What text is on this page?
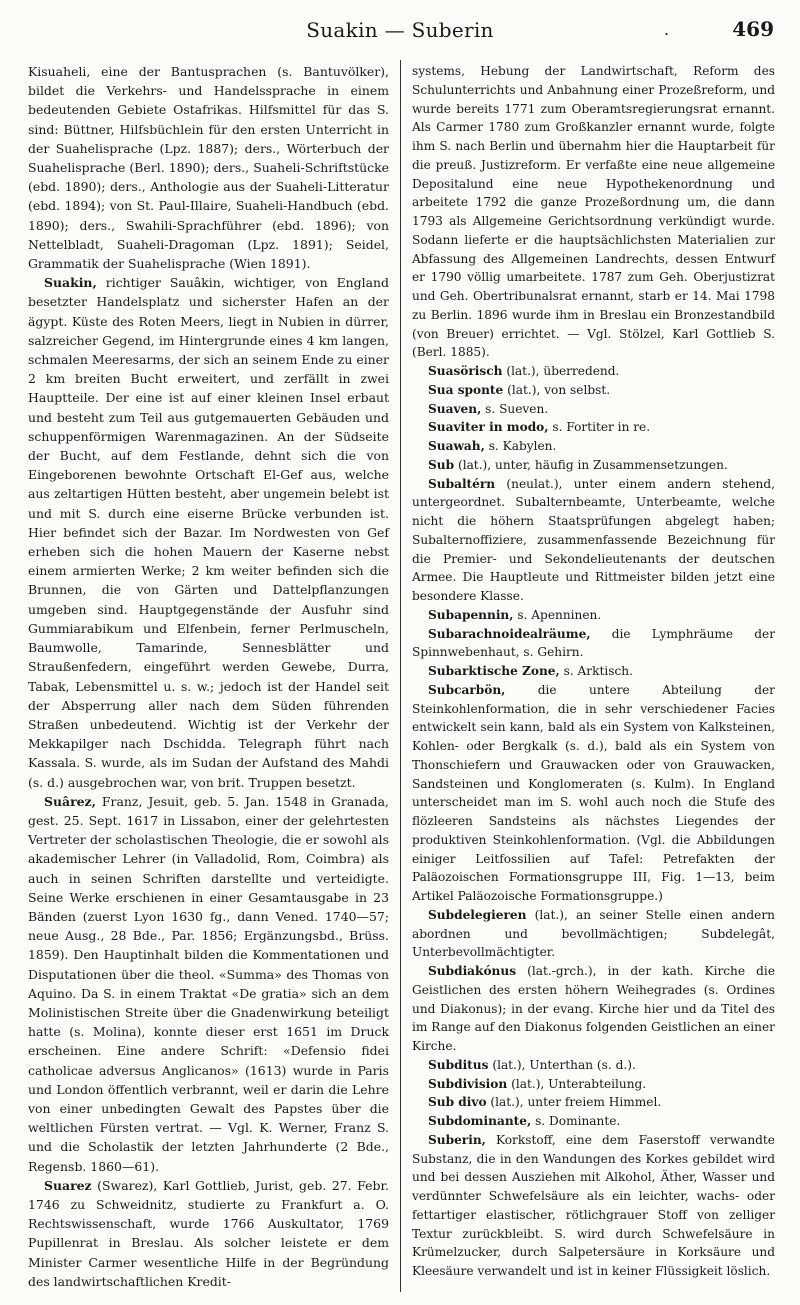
Suakin — Suberin	.	469

Kisuaheli, eine der Bantusprachen (s. Bantuvölker), bildet die Verkehrs- und Handelssprache in einem bedeutenden Gebiete Ostafrikas. Hilfsmittel für das S. sind: Büttner, Hilfsbüchlein für den ersten Unterricht in der Suahelisprache (Lpz. 1887); ders., Wörterbuch der Suahelisprache (Berl. 1890); ders., Suaheli-Schriftstücke (ebd. 1890); ders., Anthologie aus der Suaheli-Litteratur (ebd. 1894); von St. Paul-Illaire, Suaheli-Handbuch (ebd. 1890); ders., Swahili-Sprachführer (ebd. 1896); von Nettelbladt, Suaheli-Dragoman (Lpz. 1891); Seidel, Grammatik der Suahelisprache (Wien 1891).

Suakin, richtiger Sauâkin, wichtiger, von England besetzter Handelsplatz und sicherster Hafen an der ägypt. Küste des Roten Meers, liegt in Nubien in dürrer, salzreicher Gegend, im Hintergrunde eines 4 km langen, schmalen Meeresarms, der sich an seinem Ende zu einer 2 km breiten Bucht erweitert, und zerfällt in zwei Hauptteile. Der eine ist auf einer kleinen Insel erbaut und besteht zum Teil aus gutgemauerten Gebäuden und schuppenförmigen Warenmagazinen. An der Südseite der Bucht, auf dem Festlande, dehnt sich die von Eingeborenen bewohnte Ortschaft El-Gef aus, welche aus zeltartigen Hütten besteht, aber ungemein belebt ist und mit S. durch eine eiserne Brücke verbunden ist. Hier befindet sich der Bazar. Im Nordwesten von Gef erheben sich die hohen Mauern der Kaserne nebst einem armierten Werke; 2 km weiter befinden sich die Brunnen, die von Gärten und Dattelpflanzungen umgeben sind. Hauptgegenstände der Ausfuhr sind Gummiarabikum und Elfenbein, ferner Perlmuscheln, Baumwolle, Tamarinde, Sennesblätter und Straußenfedern, eingeführt werden Gewebe, Durra, Tabak, Lebensmittel u. s. w.; jedoch ist der Handel seit der Absperrung aller nach dem Süden führenden Straßen unbedeutend. Wichtig ist der Verkehr der Mekkapilger nach Dschidda. Telegraph führt nach Kassala. S. wurde, als im Sudan der Aufstand des Mahdi (s. d.) ausgebrochen war, von brit. Truppen besetzt.

Suârez, Franz, Jesuit, geb. 5. Jan. 1548 in Granada, gest. 25. Sept. 1617 in Lissabon, einer der gelehrtesten Vertreter der scholastischen Theologie, die er sowohl als akademischer Lehrer (in Valladolid, Rom, Coimbra) als auch in seinen Schriften darstellte und verteidigte. Seine Werke erschienen in einer Gesamtausgabe in 23 Bänden (zuerst Lyon 1630 fg., dann Vened. 1740—57; neue Ausg., 28 Bde., Par. 1856; Ergänzungsbd., Brüss. 1859). Den Hauptinhalt bilden die Kommentationen und Disputationen über die theol. «Summa» des Thomas von Aquino. Da S. in einem Traktat «De gratia» sich an dem Molinistischen Streite über die Gnadenwirkung beteiligt hatte (s. Molina), konnte dieser erst 1651 im Druck erscheinen. Eine andere Schrift: «Defensio fidei catholicae adversus Anglicanos» (1613) wurde in Paris und London öffentlich verbrannt, weil er darin die Lehre von einer unbedingten Gewalt des Papstes über die weltlichen Fürsten vertrat. — Vgl. K. Werner, Franz S. und die Scholastik der letzten Jahrhunderte (2 Bde., Regensb. 1860—61).

Suarez (Swarez), Karl Gottlieb, Jurist, geb. 27. Febr. 1746 zu Schweidnitz, studierte zu Frankfurt a. O. Rechtswissenschaft, wurde 1766 Auskultator, 1769 Pupillenrat in Breslau. Als solcher leistete er dem Minister Carmer wesentliche Hilfe in der Begründung des landwirtschaftlichen Kredit-

systems, Hebung der Landwirtschaft, Reform des Schulunterrichts und Anbahnung einer Prozeßreform, und wurde bereits 1771 zum Oberamtsregierungsrat ernannt. Als Carmer 1780 zum Großkanzler ernannt wurde, folgte ihm S. nach Berlin und übernahm hier die Hauptarbeit für die preuß. Justizreform. Er verfaßte eine neue allgemeine Depositalund eine neue Hypothekenordnung und arbeitete 1792 die ganze Prozeßordnung um, die dann 1793 als Allgemeine Gerichtsordnung verkündigt wurde. Sodann lieferte er die hauptsächlichsten Materialien zur Abfassung des Allgemeinen Landrechts, dessen Entwurf er 1790 völlig umarbeitete. 1787 zum Geh. Oberjustizrat und Geh. Obertribunalsrat ernannt, starb er 14. Mai 1798 zu Berlin. 1896 wurde ihm in Breslau ein Bronzestandbild (von Breuer) errichtet. — Vgl. Stölzel, Karl Gottlieb S. (Berl. 1885).

Suasörisch (lat.), überredend.

Sua sponte (lat.), von selbst.

Suaven, s. Sueven.

Suaviter in modo, s. Fortiter in re.

Suawah, s. Kabylen.

Sub (lat.), unter, häufig in Zusammensetzungen.

Subaltérn (neulat.), unter einem andern stehend, untergeordnet. Subalternbeamte, Unterbeamte, welche nicht die höhern Staatsprüfungen abgelegt haben; Subalternoffiziere, zusammenfassende Bezeichnung für die Premier- und Sekondelieutenants der deutschen Armee. Die Hauptleute und Rittmeister bilden jetzt eine besondere Klasse.

Subapennin, s. Apenninen.

Subarachnoidealräume, die Lymphräume der Spinnwebenhaut, s. Gehirn.

Subarktische Zone, s. Arktisch.

Subcarbön, die untere Abteilung der Steinkohlenformation, die in sehr verschiedener Facies entwickelt sein kann, bald als ein System von Kalksteinen, Kohlen- oder Bergkalk (s. d.), bald als ein System von Thonschiefern und Grauwacken oder von Grauwacken, Sandsteinen und Konglomeraten (s. Kulm). In England unterscheidet man im S. wohl auch noch die Stufe des flözleeren Sandsteins als nächstes Liegendes der produktiven Steinkohlenformation. (Vgl. die Abbildungen einiger Leitfossilien auf Tafel: Petrefakten der Paläozoischen Formationsgruppe III, Fig. 1—13, beim Artikel Paläozoische Formationsgruppe.)

Subdelegieren (lat.), an seiner Stelle einen andern abordnen und bevollmächtigen; Subdelegât, Unterbevollmächtigter.

Subdiakónus (lat.-grch.), in der kath. Kirche die Geistlichen des ersten höhern Weihegrades (s. Ordines und Diakonus); in der evang. Kirche hier und da Titel des im Range auf den Diakonus folgenden Geistlichen an einer Kirche.

Subditus (lat.), Unterthan (s. d.).

Subdivision (lat.), Unterabteilung.

Sub divo (lat.), unter freiem Himmel.

Subdominante, s. Dominante.

Suberin, Korkstoff, eine dem Faserstoff verwandte Substanz, die in den Wandungen des Korkes gebildet wird und bei dessen Ausziehen mit Alkohol, Äther, Wasser und verdünnter Schwefelsäure als ein leichter, wachs- oder fettartiger elastischer, rötlichgrauer Stoff von zelliger Textur zurückbleibt. S. wird durch Schwefelsäure in Krümelzucker, durch Salpetersäure in Korksäure und Kleesäure verwandelt und ist in keiner Flüssigkeit löslich.
